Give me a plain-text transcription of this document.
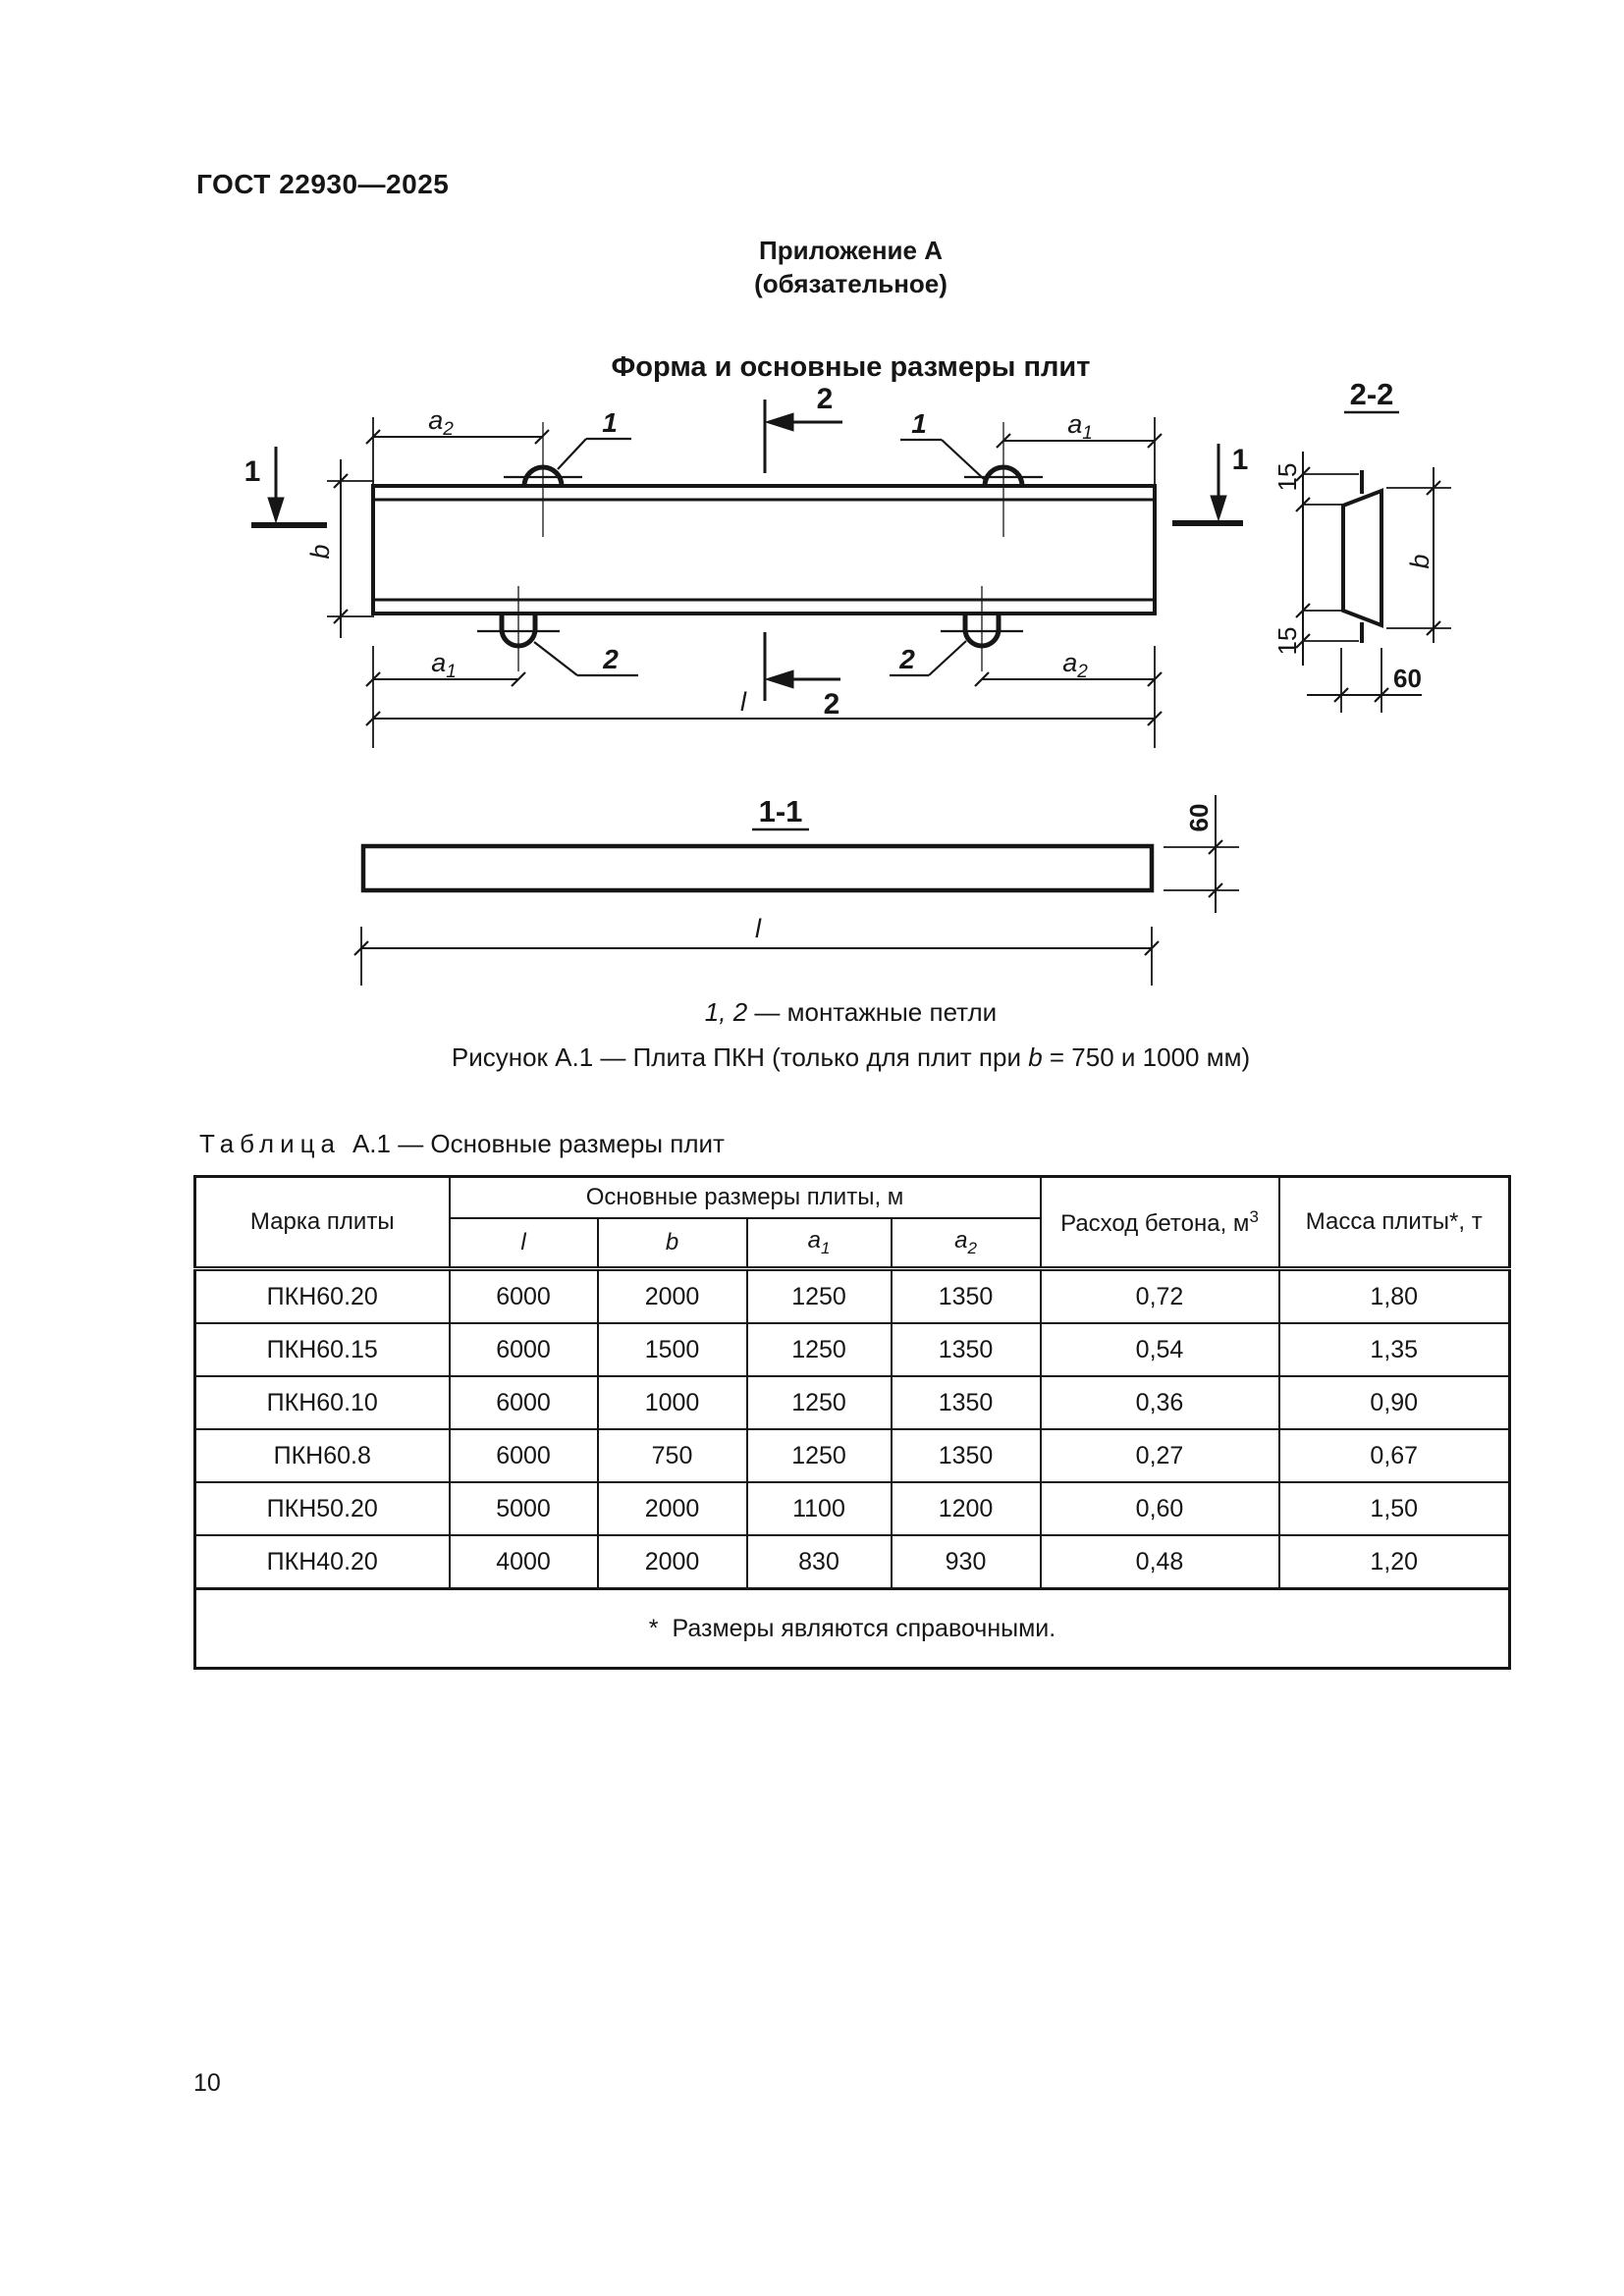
ГОСТ 22930—2025
Приложение А
(обязательное)
Форма и основные размеры плит
1	1
2	2
1	1
2
2
a2	a1
b
a1	a2
l
2-2
15
15
b
60
1-1	60
l
1, 2 — монтажные петли
Рисунок А.1 — Плита ПКН (только для плит при b = 750 и 1000 мм)
Таблица А.1 — Основные размеры плит
Марка плиты	Основные размеры плиты, м				Расход бетона, $м^3$	Масса плиты*, т
	l	b	$a_1$	$a_2$
ПКН60.20	6000	2000	1250	1350	0,72	1,80
ПКН60.15	6000	1500	1250	1350	0,54	1,35
ПКН60.10	6000	1000	1250	1350	0,36	0,90
ПКН60.8	6000	750	1250	1350	0,27	0,67
ПКН50.20	5000	2000	1100	1200	0,60	1,50
ПКН40.20	4000	2000	830	930	0,48	1,20
* Размеры являются справочными.						
10
